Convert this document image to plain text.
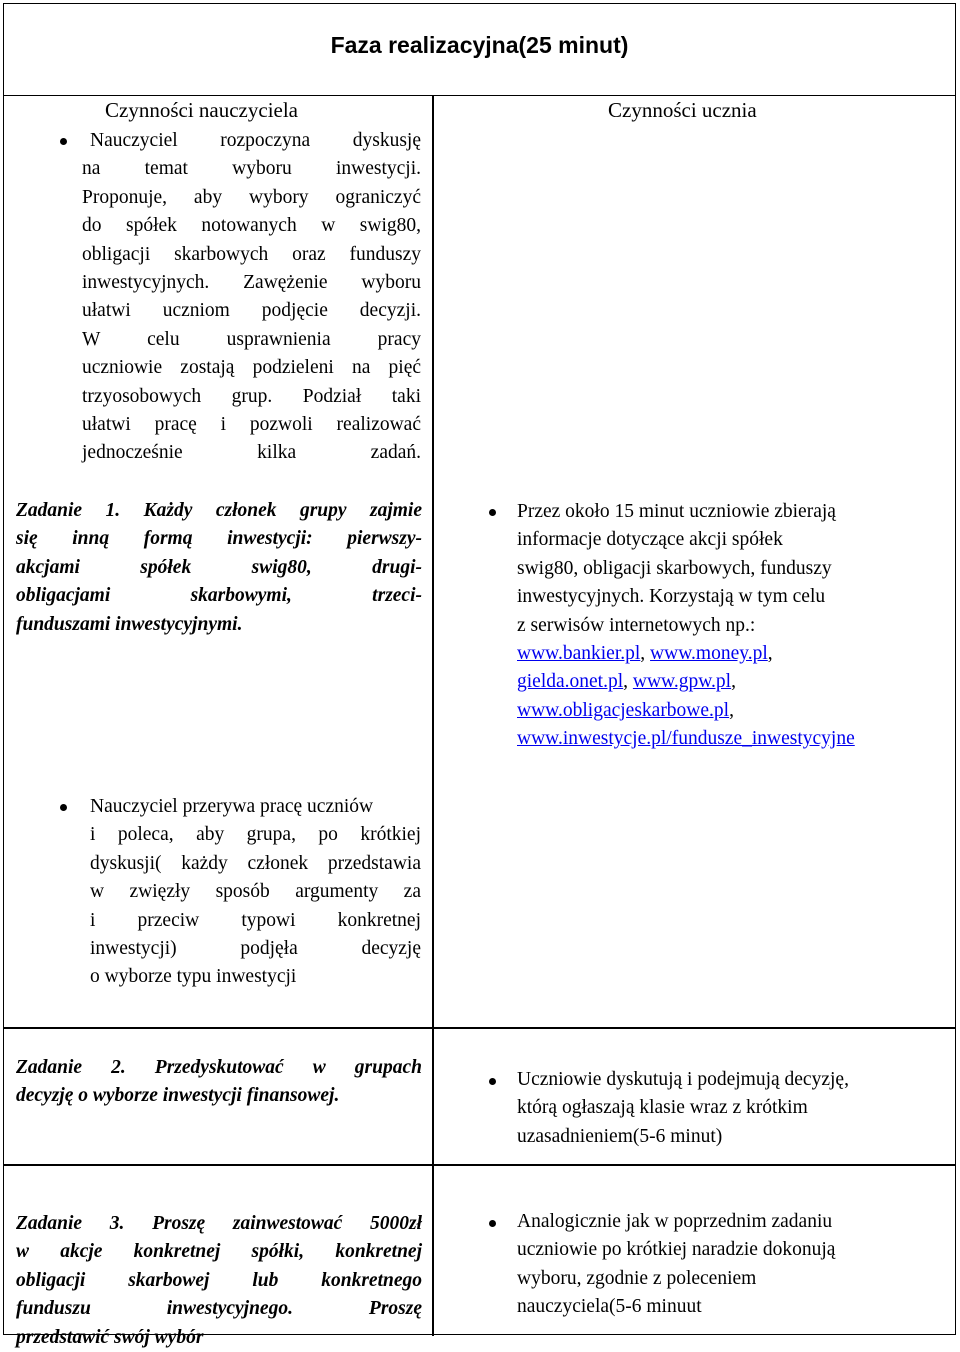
Faza realizacyjna(25 minut)
Czynności nauczyciela	Czynności ucznia
Nauczyciel rozpoczyna dyskusję
na temat wyboru inwestycji.
Proponuje, aby wybory ograniczyć
do spółek notowanych w swig80,
obligacji skarbowych oraz funduszy
inwestycyjnych. Zawężenie wyboru
ułatwi uczniom podjęcie decyzji.
W celu usprawnienia pracy
uczniowie zostają podzieleni na pięć
trzyosobowych grup. Podział taki
ułatwi pracę i pozwoli realizować
jednocześnie kilka zadań.
Zadanie 1. Każdy członek grupy zajmie
się inną formą inwestycji: pierwszy-
akcjami spółek swig80, drugi-
obligacjami skarbowymi, trzeci-
funduszami inwestycyjnymi.
Przez około 15 minut uczniowie zbierają
informacje dotyczące akcji spółek
swig80, obligacji skarbowych, funduszy
inwestycyjnych. Korzystają w tym celu
z serwisów internetowych np.:
www.bankier.pl, www.money.pl,
gielda.onet.pl, www.gpw.pl,
www.obligacjeskarbowe.pl,
www.inwestycje.pl/fundusze_inwestycyjne
Nauczyciel przerywa pracę uczniów
i poleca, aby grupa, po krótkiej
dyskusji( każdy członek przedstawia
w zwięzły sposób argumenty za
i przeciw typowi konkretnej
inwestycji) podjęła decyzję
o wyborze typu inwestycji
Zadanie 2. Przedyskutować w grupach
decyzję o wyborze inwestycji finansowej.
Uczniowie dyskutują i podejmują decyzję,
którą ogłaszają klasie wraz z krótkim
uzasadnieniem(5-6 minut)
Zadanie 3. Proszę zainwestować 5000zł
w akcje konkretnej spółki, konkretnej
obligacji skarbowej lub konkretnego
funduszu inwestycyjnego. Proszę
przedstawić swój wybór
Analogicznie jak w poprzednim zadaniu
uczniowie po krótkiej naradzie dokonują
wyboru, zgodnie z poleceniem
nauczyciela(5-6 minuut
